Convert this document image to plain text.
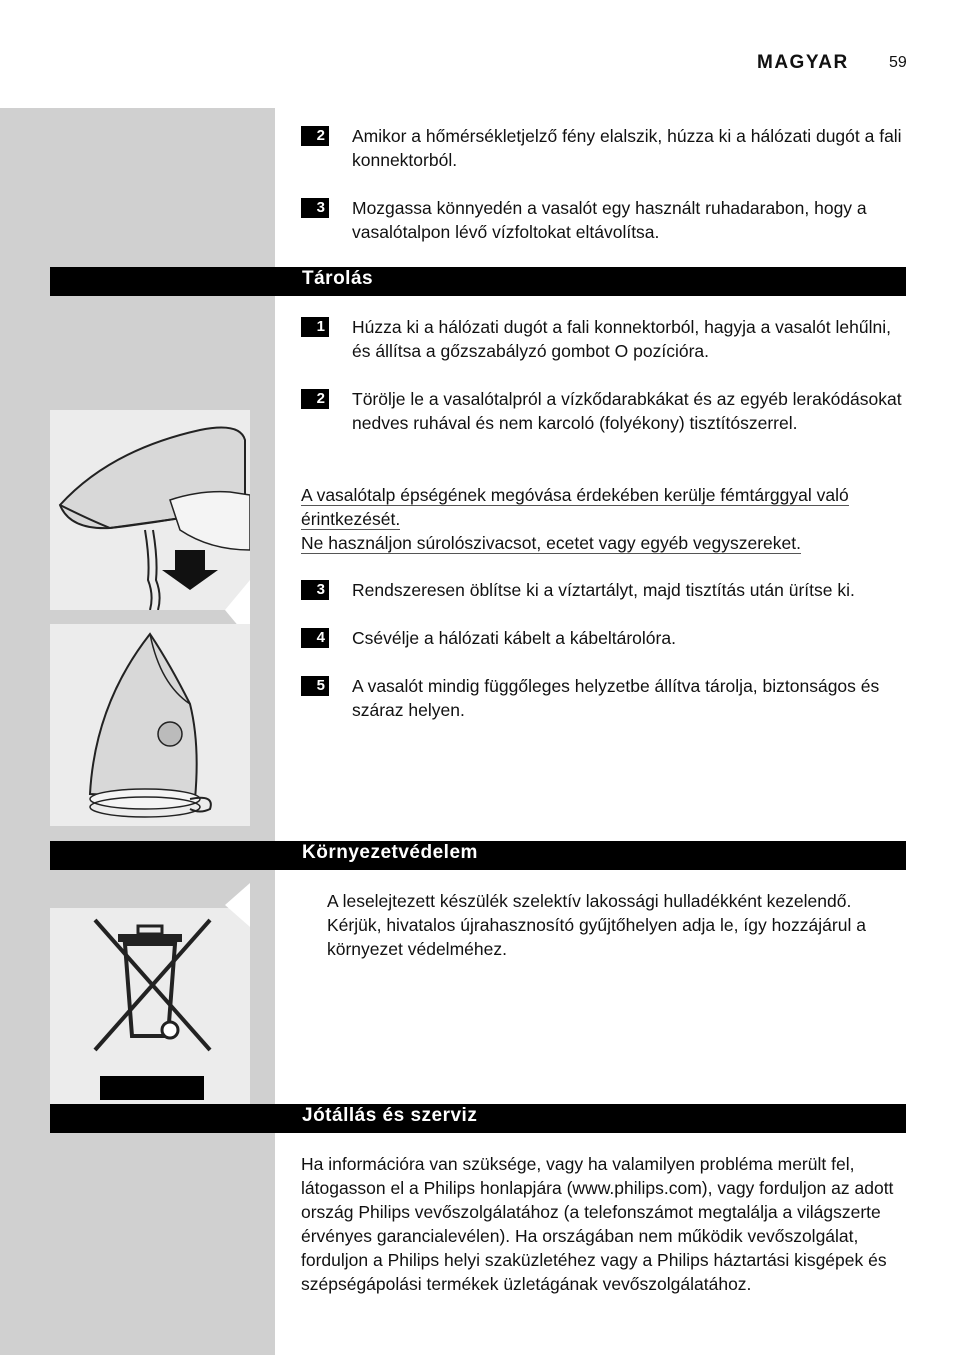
MAGYAR	59
2 Amikor a hőmérsékletjelző fény elalszik, húzza ki a hálózati dugót a fali konnektorból.
3 Mozgassa könnyedén a vasalót egy használt ruhadarabon, hogy a vasalótalpon lévő vízfoltokat eltávolítsa.
Tárolás
1 Húzza ki a hálózati dugót a fali konnektorból, hagyja a vasalót lehűlni, és állítsa a gőzszabályzó gombot O pozícióra.
2 Törölje le a vasalótalpról a vízkődarabkákat és az egyéb lerakódásokat nedves ruhával és nem karcoló (folyékony) tisztítószerrel.
A vasalótalp épségének megóvása érdekében kerülje fémtárggyal való érintkezését.
Ne használjon súrolószivacsot, ecetet vagy egyéb vegyszereket.
3 Rendszeresen öblítse ki a víztartályt, majd tisztítás után ürítse ki.
4 Csévélje a hálózati kábelt a kábeltárolóra.
5 A vasalót mindig függőleges helyzetbe állítva tárolja, biztonságos és száraz helyen.
Környezetvédelem
A leselejtezett készülék szelektív lakossági hulladékként kezelendő. Kérjük, hivatalos újrahasznosító gyűjtőhelyen adja le, így hozzájárul a környezet védelméhez.
Jótállás és szerviz
Ha információra van szüksége, vagy ha valamilyen probléma merült fel, látogasson el a Philips honlapjára (www.philips.com), vagy forduljon az adott ország Philips vevőszolgálatához (a telefonszámot megtalálja a világszerte érvényes garancialevélen). Ha országában nem működik vevőszolgálat, forduljon a Philips helyi szaküzletéhez vagy a Philips háztartási kisgépek és szépségápolási termékek üzletágának vevőszolgálatához.
